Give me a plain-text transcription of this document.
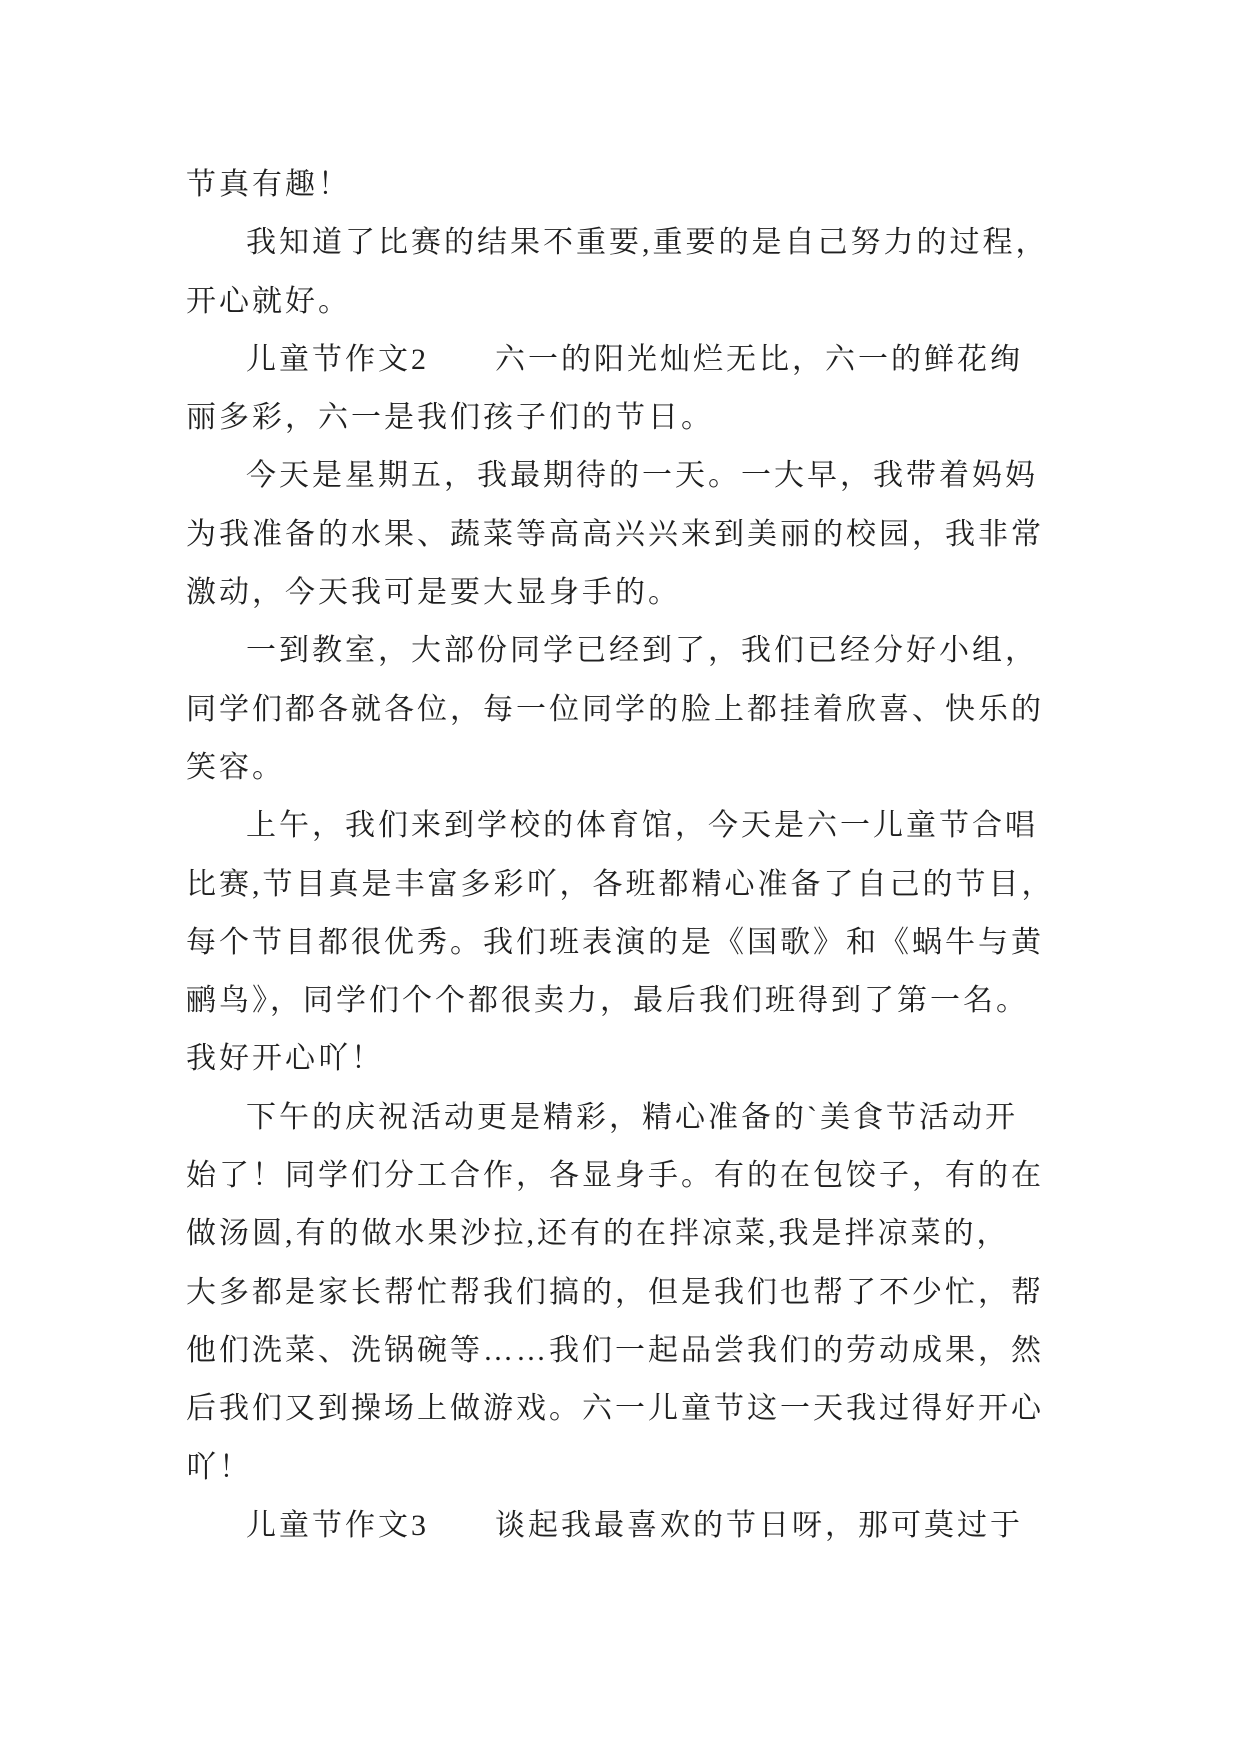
节真有趣！
我知道了比赛的结果不重要,重要的是自己努力的过程，
开心就好。
儿童节作文2　　六一的阳光灿烂无比，六一的鲜花绚
丽多彩，六一是我们孩子们的节日。
今天是星期五，我最期待的一天。一大早，我带着妈妈
为我准备的水果、蔬菜等高高兴兴来到美丽的校园，我非常
激动，今天我可是要大显身手的。
一到教室，大部份同学已经到了，我们已经分好小组，
同学们都各就各位，每一位同学的脸上都挂着欣喜、快乐的
笑容。
上午，我们来到学校的体育馆，今天是六一儿童节合唱
比赛,节目真是丰富多彩吖，各班都精心准备了自己的节目，
每个节目都很优秀。我们班表演的是《国歌》和《蜗牛与黄
鹂鸟》，同学们个个都很卖力，最后我们班得到了第一名。
我好开心吖！
下午的庆祝活动更是精彩，精心准备的`美食节活动开
始了！同学们分工合作，各显身手。有的在包饺子，有的在
做汤圆,有的做水果沙拉,还有的在拌凉菜,我是拌凉菜的，
大多都是家长帮忙帮我们搞的，但是我们也帮了不少忙，帮
他们洗菜、洗锅碗等……我们一起品尝我们的劳动成果，然
后我们又到操场上做游戏。六一儿童节这一天我过得好开心
吖！
儿童节作文3　　谈起我最喜欢的节日呀，那可莫过于
